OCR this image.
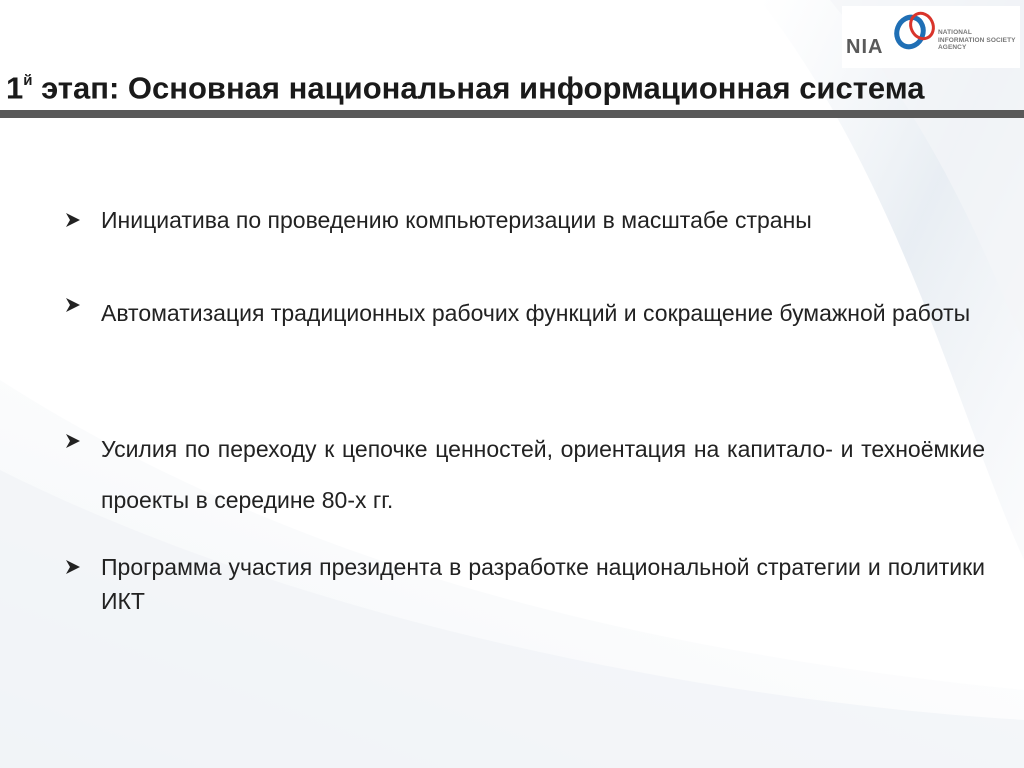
NIA
NATIONAL
INFORMATION SOCIETY
AGENCY
$1^й$ этап: Основная национальная информационная система
Инициатива по проведению компьютеризации в масштабе страны
Автоматизация традиционных рабочих функций и сокращение бумажной работы
Усилия по переходу к цепочке ценностей, ориентация на капитало- и техноёмкие проекты в середине 80-х гг.
Программа участия президента в разработке национальной стратегии и политики ИКТ
